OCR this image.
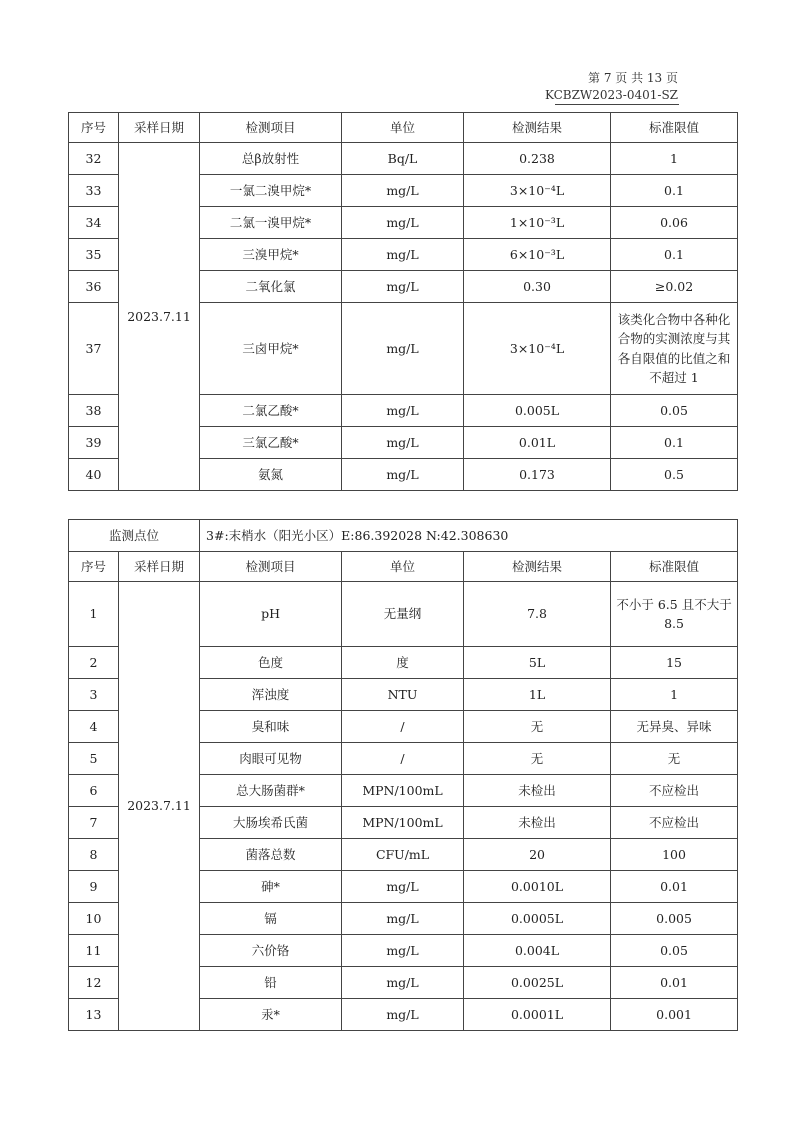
第 7 页 共 13 页
KCBZW2023-0401-SZ
序号	采样日期	检测项目	单位	检测结果	标准限值
32	2023.7.11	总β放射性	Bq/L	0.238	1
33		一氯二溴甲烷*	mg/L	3×10⁻⁴L	0.1
34		二氯一溴甲烷*	mg/L	1×10⁻³L	0.06
35		三溴甲烷*	mg/L	6×10⁻³L	0.1
36		二氧化氯	mg/L	0.30	≥0.02
37		三卤甲烷*	mg/L	3×10⁻⁴L	该类化合物中各种化合物的实测浓度与其各自限值的比值之和不超过 1
38		二氯乙酸*	mg/L	0.005L	0.05
39		三氯乙酸*	mg/L	0.01L	0.1
40		氨氮	mg/L	0.173	0.5
监测点位		3#:末梢水（阳光小区）E:86.392028 N:42.308630			
序号	采样日期	检测项目	单位	检测结果	标准限值
1	2023.7.11	pH	无量纲	7.8	不小于 6.5 且不大于 8.5
2		色度	度	5L	15
3		浑浊度	NTU	1L	1
4		臭和味	/	无	无异臭、异味
5		肉眼可见物	/	无	无
6		总大肠菌群*	MPN/100mL	未检出	不应检出
7		大肠埃希氏菌	MPN/100mL	未检出	不应检出
8		菌落总数	CFU/mL	20	100
9		砷*	mg/L	0.0010L	0.01
10		镉	mg/L	0.0005L	0.005
11		六价铬	mg/L	0.004L	0.05
12		铅	mg/L	0.0025L	0.01
13		汞*	mg/L	0.0001L	0.001
